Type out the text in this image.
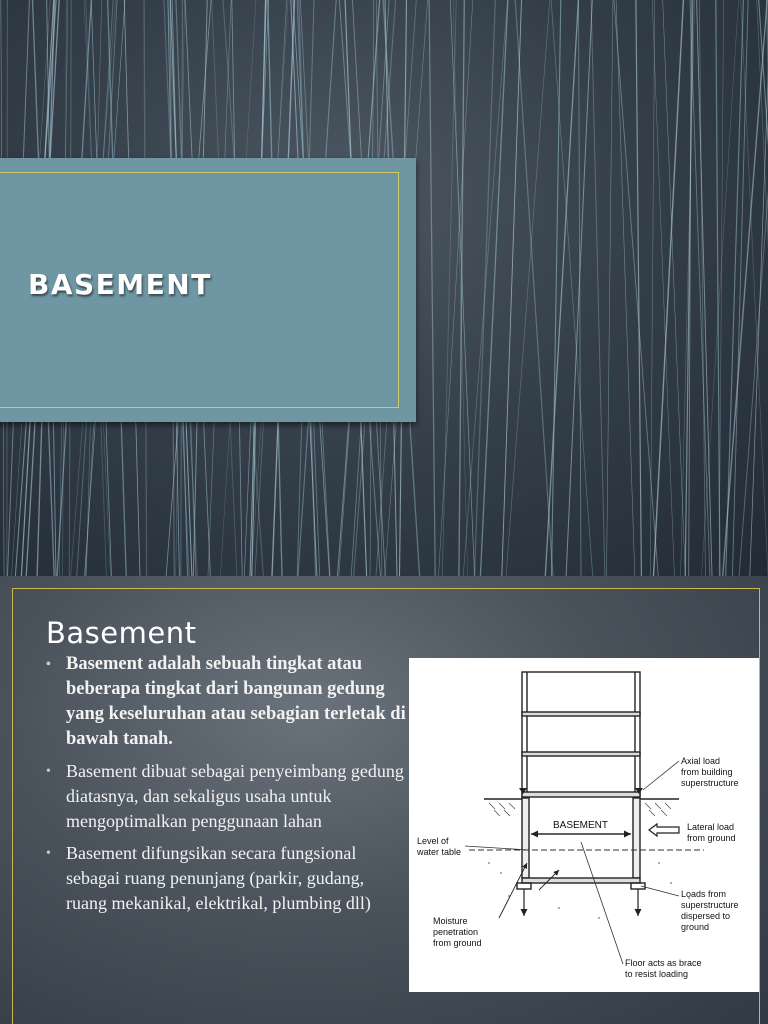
BASEMENT
Basement
• Basement adalah sebuah tingkat atau beberapa tingkat dari bangunan gedung yang keseluruhan atau sebagian terletak di bawah tanah.
• Basement dibuat sebagai penyeimbang gedung diatasnya, dan sekaligus usaha untuk mengoptimalkan penggunaan lahan
• Basement difungsikan secara fungsional sebagai ruang penunjang (parkir, gudang, ruang mekanikal, elektrikal, plumbing dll)
BASEMENT
Axial load
from building
superstructure
Lateral load
from ground
Level of
water table
Loads from
superstructure
dispersed to
ground
Moisture
penetration
from ground
Floor acts as brace
to resist loading
